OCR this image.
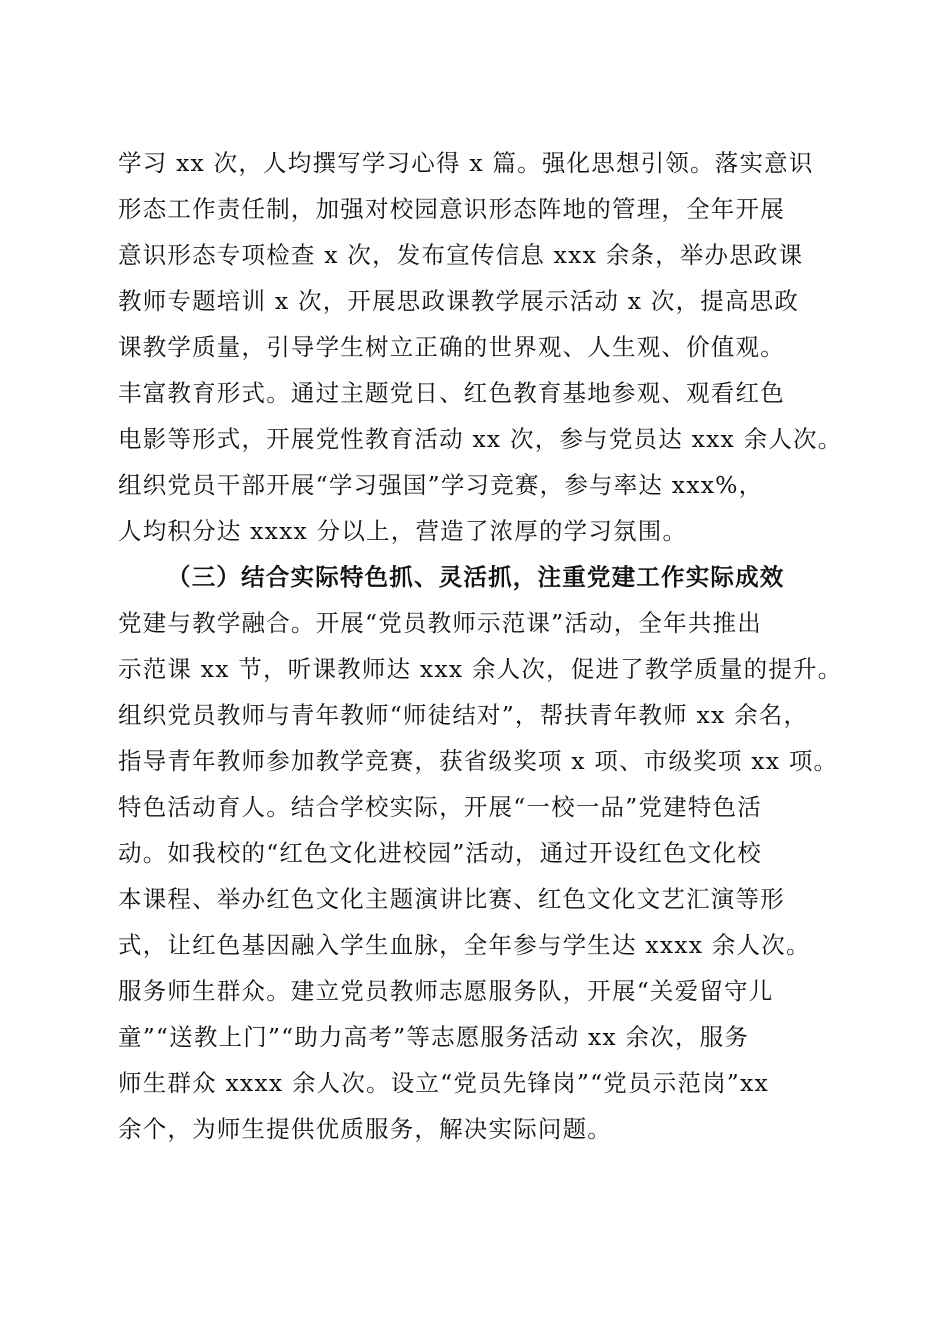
学习 xx 次，人均撰写学习心得 x 篇。强化思想引领。落实意识
形态工作责任制，加强对校园意识形态阵地的管理，全年开展
意识形态专项检查 x 次，发布宣传信息 xxx 余条，举办思政课
教师专题培训 x 次，开展思政课教学展示活动 x 次，提高思政
课教学质量，引导学生树立正确的世界观、人生观、价值观。
丰富教育形式。通过主题党日、红色教育基地参观、观看红色
电影等形式，开展党性教育活动 xx 次，参与党员达 xxx 余人次。
组织党员干部开展“学习强国”学习竞赛，参与率达 xxx%，
人均积分达 xxxx 分以上，营造了浓厚的学习氛围。
（三）结合实际特色抓、灵活抓，注重党建工作实际成效
党建与教学融合。开展“党员教师示范课”活动，全年共推出
示范课 xx 节，听课教师达 xxx 余人次，促进了教学质量的提升。
组织党员教师与青年教师“师徒结对”，帮扶青年教师 xx 余名，
指导青年教师参加教学竞赛，获省级奖项 x 项、市级奖项 xx 项。
特色活动育人。结合学校实际，开展“一校一品”党建特色活
动。如我校的“红色文化进校园”活动，通过开设红色文化校
本课程、举办红色文化主题演讲比赛、红色文化文艺汇演等形
式，让红色基因融入学生血脉，全年参与学生达 xxxx 余人次。
服务师生群众。建立党员教师志愿服务队，开展“关爱留守儿
童”“送教上门”“助力高考”等志愿服务活动 xx 余次，服务
师生群众 xxxx 余人次。设立“党员先锋岗”“党员示范岗”xx
余个，为师生提供优质服务，解决实际问题。
